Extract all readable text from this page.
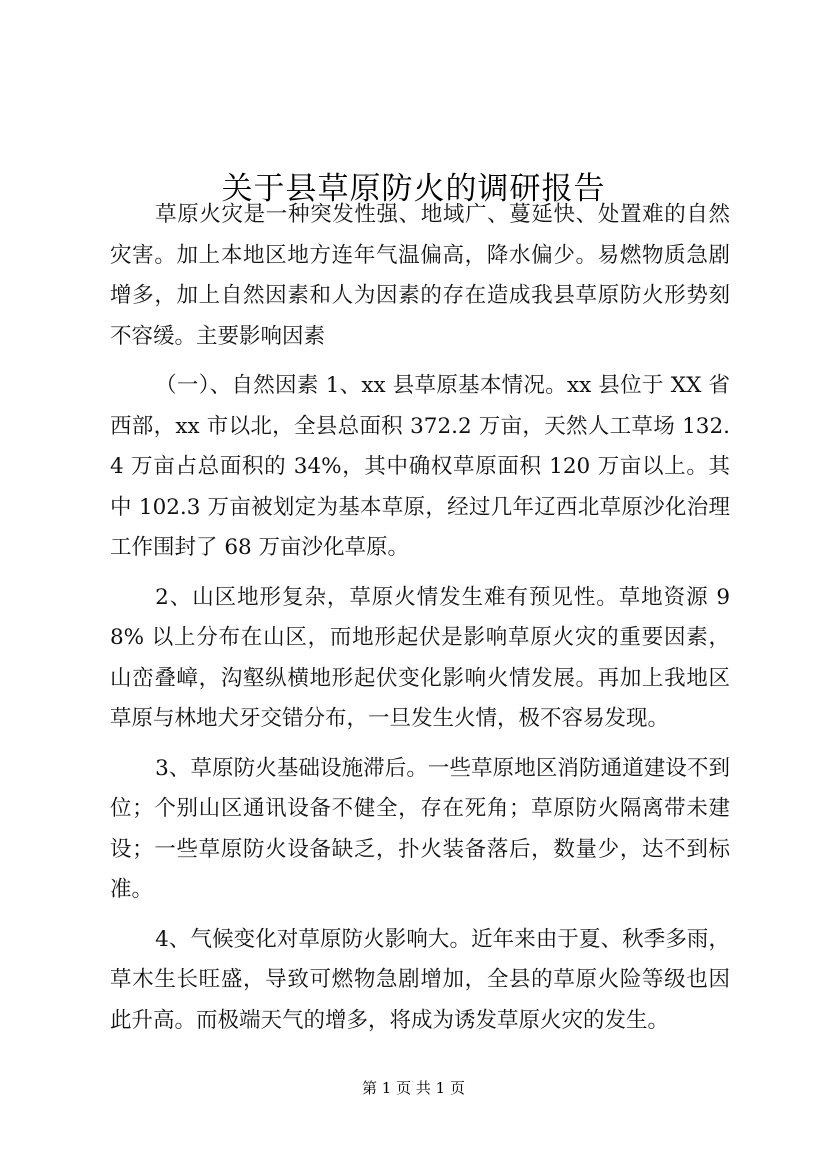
关于县草原防火的调研报告

草原火灾是一种突发性强、地域广、蔓延快、处置难的自然灾害。加上本地区地方连年气温偏高，降水偏少。易燃物质急剧增多，加上自然因素和人为因素的存在造成我县草原防火形势刻不容缓。主要影响因素

（一）、自然因素 1、xx 县草原基本情况。xx 县位于 XX 省西部，xx 市以北，全县总面积 372.2 万亩，天然人工草场 132.4 万亩占总面积的 34%，其中确权草原面积 120 万亩以上。其中 102.3 万亩被划定为基本草原，经过几年辽西北草原沙化治理工作围封了 68 万亩沙化草原。

2、山区地形复杂，草原火情发生难有预见性。草地资源 98% 以上分布在山区，而地形起伏是影响草原火灾的重要因素，山峦叠嶂，沟壑纵横地形起伏变化影响火情发展。再加上我地区草原与林地犬牙交错分布，一旦发生火情，极不容易发现。

3、草原防火基础设施滞后。一些草原地区消防通道建设不到位；个别山区通讯设备不健全，存在死角；草原防火隔离带未建设；一些草原防火设备缺乏，扑火装备落后，数量少，达不到标准。

4、气候变化对草原防火影响大。近年来由于夏、秋季多雨，草木生长旺盛，导致可燃物急剧增加，全县的草原火险等级也因此升高。而极端天气的增多，将成为诱发草原火灾的发生。

第 1 页 共 1 页
